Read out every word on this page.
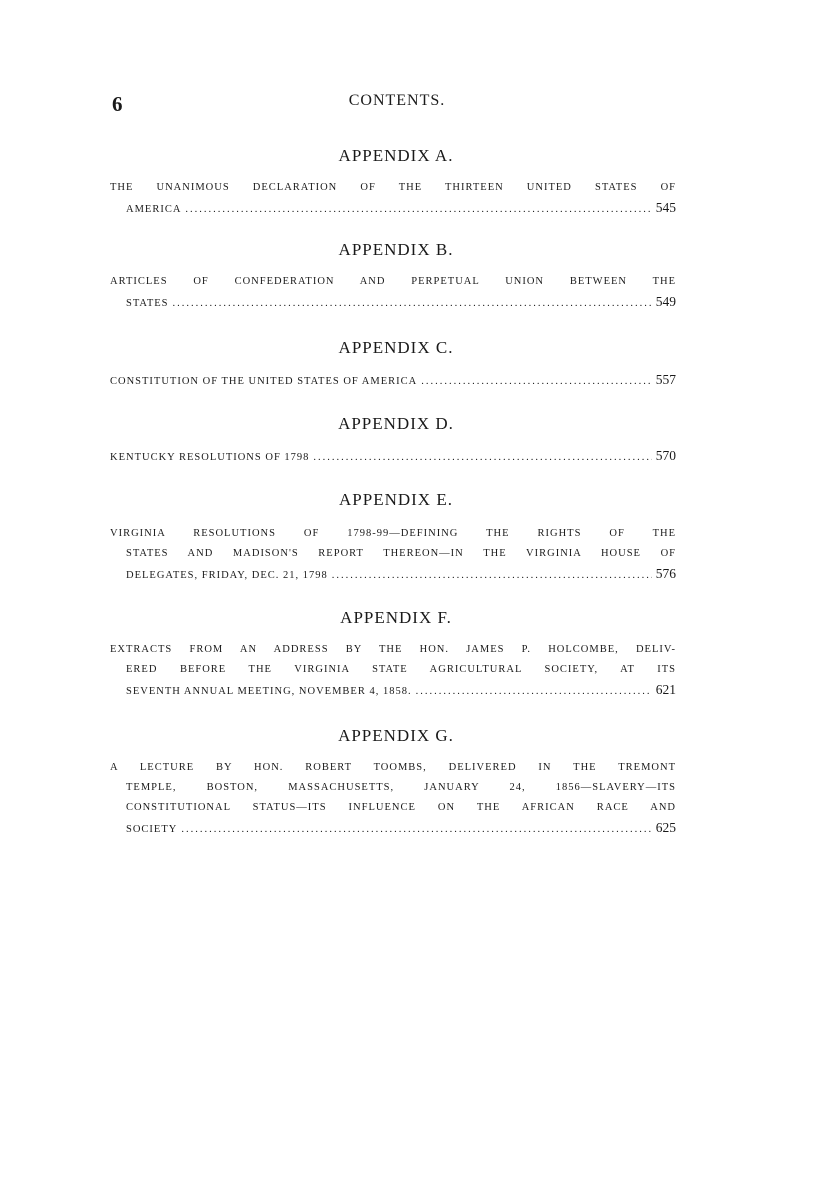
6	CONTENTS.
APPENDIX A.
THE UNANIMOUS DECLARATION OF THE THIRTEEN UNITED STATES OF
AMERICA .....	545
APPENDIX B.
ARTICLES OF CONFEDERATION AND PERPETUAL UNION BETWEEN THE
STATES .....	549
APPENDIX C.
CONSTITUTION OF THE UNITED STATES OF AMERICA .....	557
APPENDIX D.
KENTUCKY RESOLUTIONS OF 1798 .....	570
APPENDIX E.
VIRGINIA RESOLUTIONS OF 1798-99—DEFINING THE RIGHTS OF THE
STATES AND MADISON'S REPORT THEREON—IN THE VIRGINIA HOUSE OF
DELEGATES, FRIDAY, DEC. 21, 1798 .....	576
APPENDIX F.
EXTRACTS FROM AN ADDRESS BY THE HON. JAMES P. HOLCOMBE, DELIV-
ERED BEFORE THE VIRGINIA STATE AGRICULTURAL SOCIETY, AT ITS
SEVENTH ANNUAL MEETING, NOVEMBER 4, 1858. .....	621
APPENDIX G.
A LECTURE BY HON. ROBERT TOOMBS, DELIVERED IN THE TREMONT
TEMPLE, BOSTON, MASSACHUSETTS, JANUARY 24, 1856—SLAVERY—ITS
CONSTITUTIONAL STATUS—ITS INFLUENCE ON THE AFRICAN RACE AND
SOCIETY .....	625
